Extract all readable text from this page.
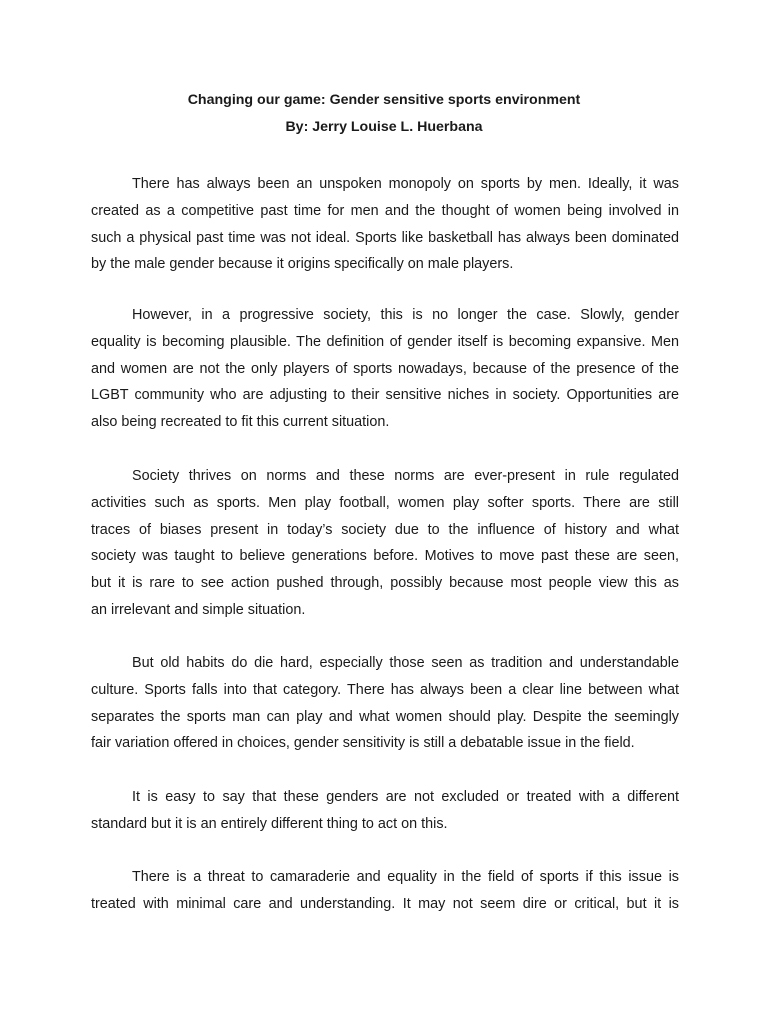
Changing our game: Gender sensitive sports environment

By: Jerry Louise L. Huerbana

There has always been an unspoken monopoly on sports by men. Ideally, it was
created as a competitive past time for men and the thought of women being involved in
such a physical past time was not ideal. Sports like basketball has always been dominated
by the male gender because it origins specifically on male players.
However, in a progressive society, this is no longer the case. Slowly, gender
equality is becoming plausible. The definition of gender itself is becoming expansive. Men
and women are not the only players of sports nowadays, because of the presence of the
LGBT community who are adjusting to their sensitive niches in society. Opportunities are
also being recreated to fit this current situation.
Society thrives on norms and these norms are ever-present in rule regulated
activities such as sports. Men play football, women play softer sports. There are still
traces of biases present in today’s society due to the influence of history and what
society was taught to believe generations before. Motives to move past these are seen,
but it is rare to see action pushed through, possibly because most people view this as
an irrelevant and simple situation.
But old habits do die hard, especially those seen as tradition and understandable
culture. Sports falls into that category. There has always been a clear line between what
separates the sports man can play and what women should play. Despite the seemingly
fair variation offered in choices, gender sensitivity is still a debatable issue in the field.
It is easy to say that these genders are not excluded or treated with a different
standard but it is an entirely different thing to act on this.
There is a threat to camaraderie and equality in the field of sports if this issue is
treated with minimal care and understanding. It may not seem dire or critical, but it is
